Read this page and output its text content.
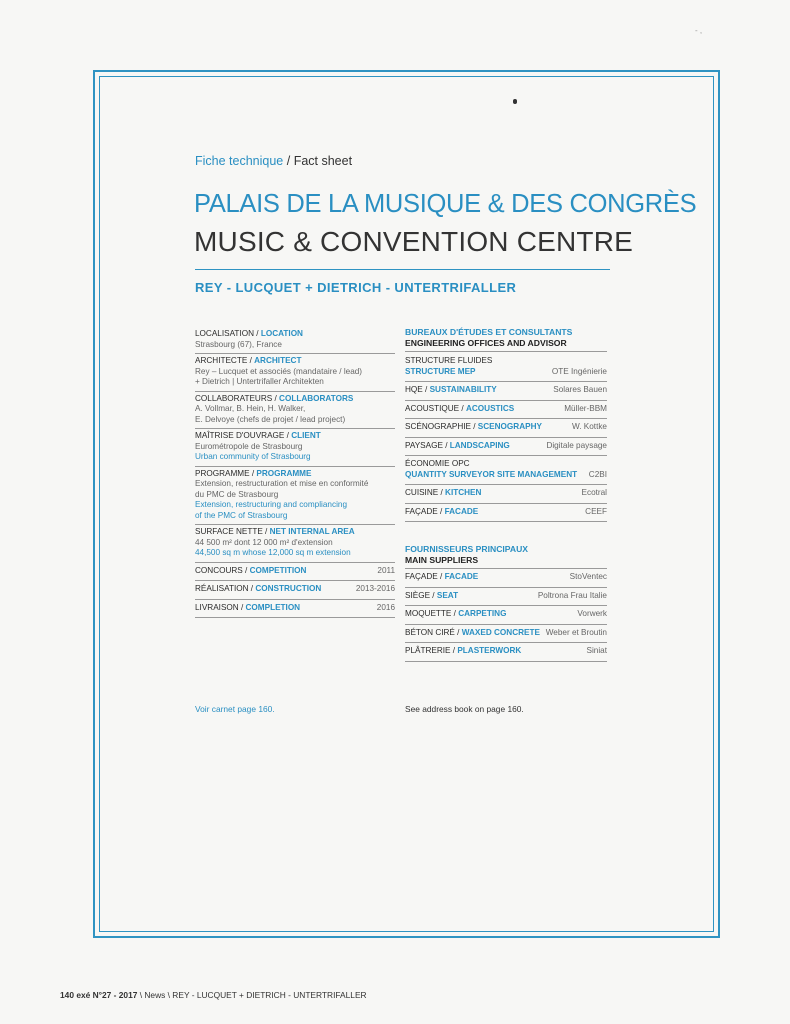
- ,
Fiche technique / Fact sheet
PALAIS DE LA MUSIQUE & DES CONGRÈS
MUSIC & CONVENTION CENTRE
REY - LUCQUET + DIETRICH - UNTERTRIFALLER
LOCALISATION / LOCATION
Strasbourg (67), France
ARCHITECTE / ARCHITECT
Rey – Lucquet et associés (mandataire / lead)
+ Dietrich | Untertrifaller Architekten
COLLABORATEURS / COLLABORATORS
A. Vollmar, B. Hein, H. Walker,
E. Delvoye (chefs de projet / lead project)
MAÎTRISE D'OUVRAGE / CLIENT
Eurométropole de Strasbourg
Urban community of Strasbourg
PROGRAMME / PROGRAMME
Extension, restructuration et mise en conformité
du PMC de Strasbourg
Extension, restructuring and compliancing
of the PMC of Strasbourg
SURFACE NETTE / NET INTERNAL AREA
44 500 m² dont 12 000 m² d'extension
44,500 sq m whose 12,000 sq m extension
CONCOURS / COMPETITION	2011
RÉALISATION / CONSTRUCTION	2013-2016
LIVRAISON / COMPLETION	2016
BUREAUX D'ÉTUDES ET CONSULTANTS
ENGINEERING OFFICES AND ADVISOR
STRUCTURE FLUIDES
STRUCTURE MEP	OTE Ingénierie
HQE / SUSTAINABILITY	Solares Bauen
ACOUSTIQUE / ACOUSTICS	Müller-BBM
SCÉNOGRAPHIE / SCENOGRAPHY	W. Kottke
PAYSAGE / LANDSCAPING	Digitale paysage
ÉCONOMIE OPC
QUANTITY SURVEYOR SITE MANAGEMENT C2BI
CUISINE / KITCHEN	Ecotral
FAÇADE / FACADE	CEEF
FOURNISSEURS PRINCIPAUX
MAIN SUPPLIERS
FAÇADE / FACADE	StoVentec
SIÈGE / SEAT	Poltrona Frau Italie
MOQUETTE / CARPETING	Vorwerk
BÉTON CIRÉ / WAXED CONCRETE Weber et Broutin
PLÂTRERIE / PLASTERWORK	Siniat
Voir carnet page 160.	See address book on page 160.
140 exé N°27 - 2017 \ News \ REY - LUCQUET + DIETRICH - UNTERTRIFALLER
